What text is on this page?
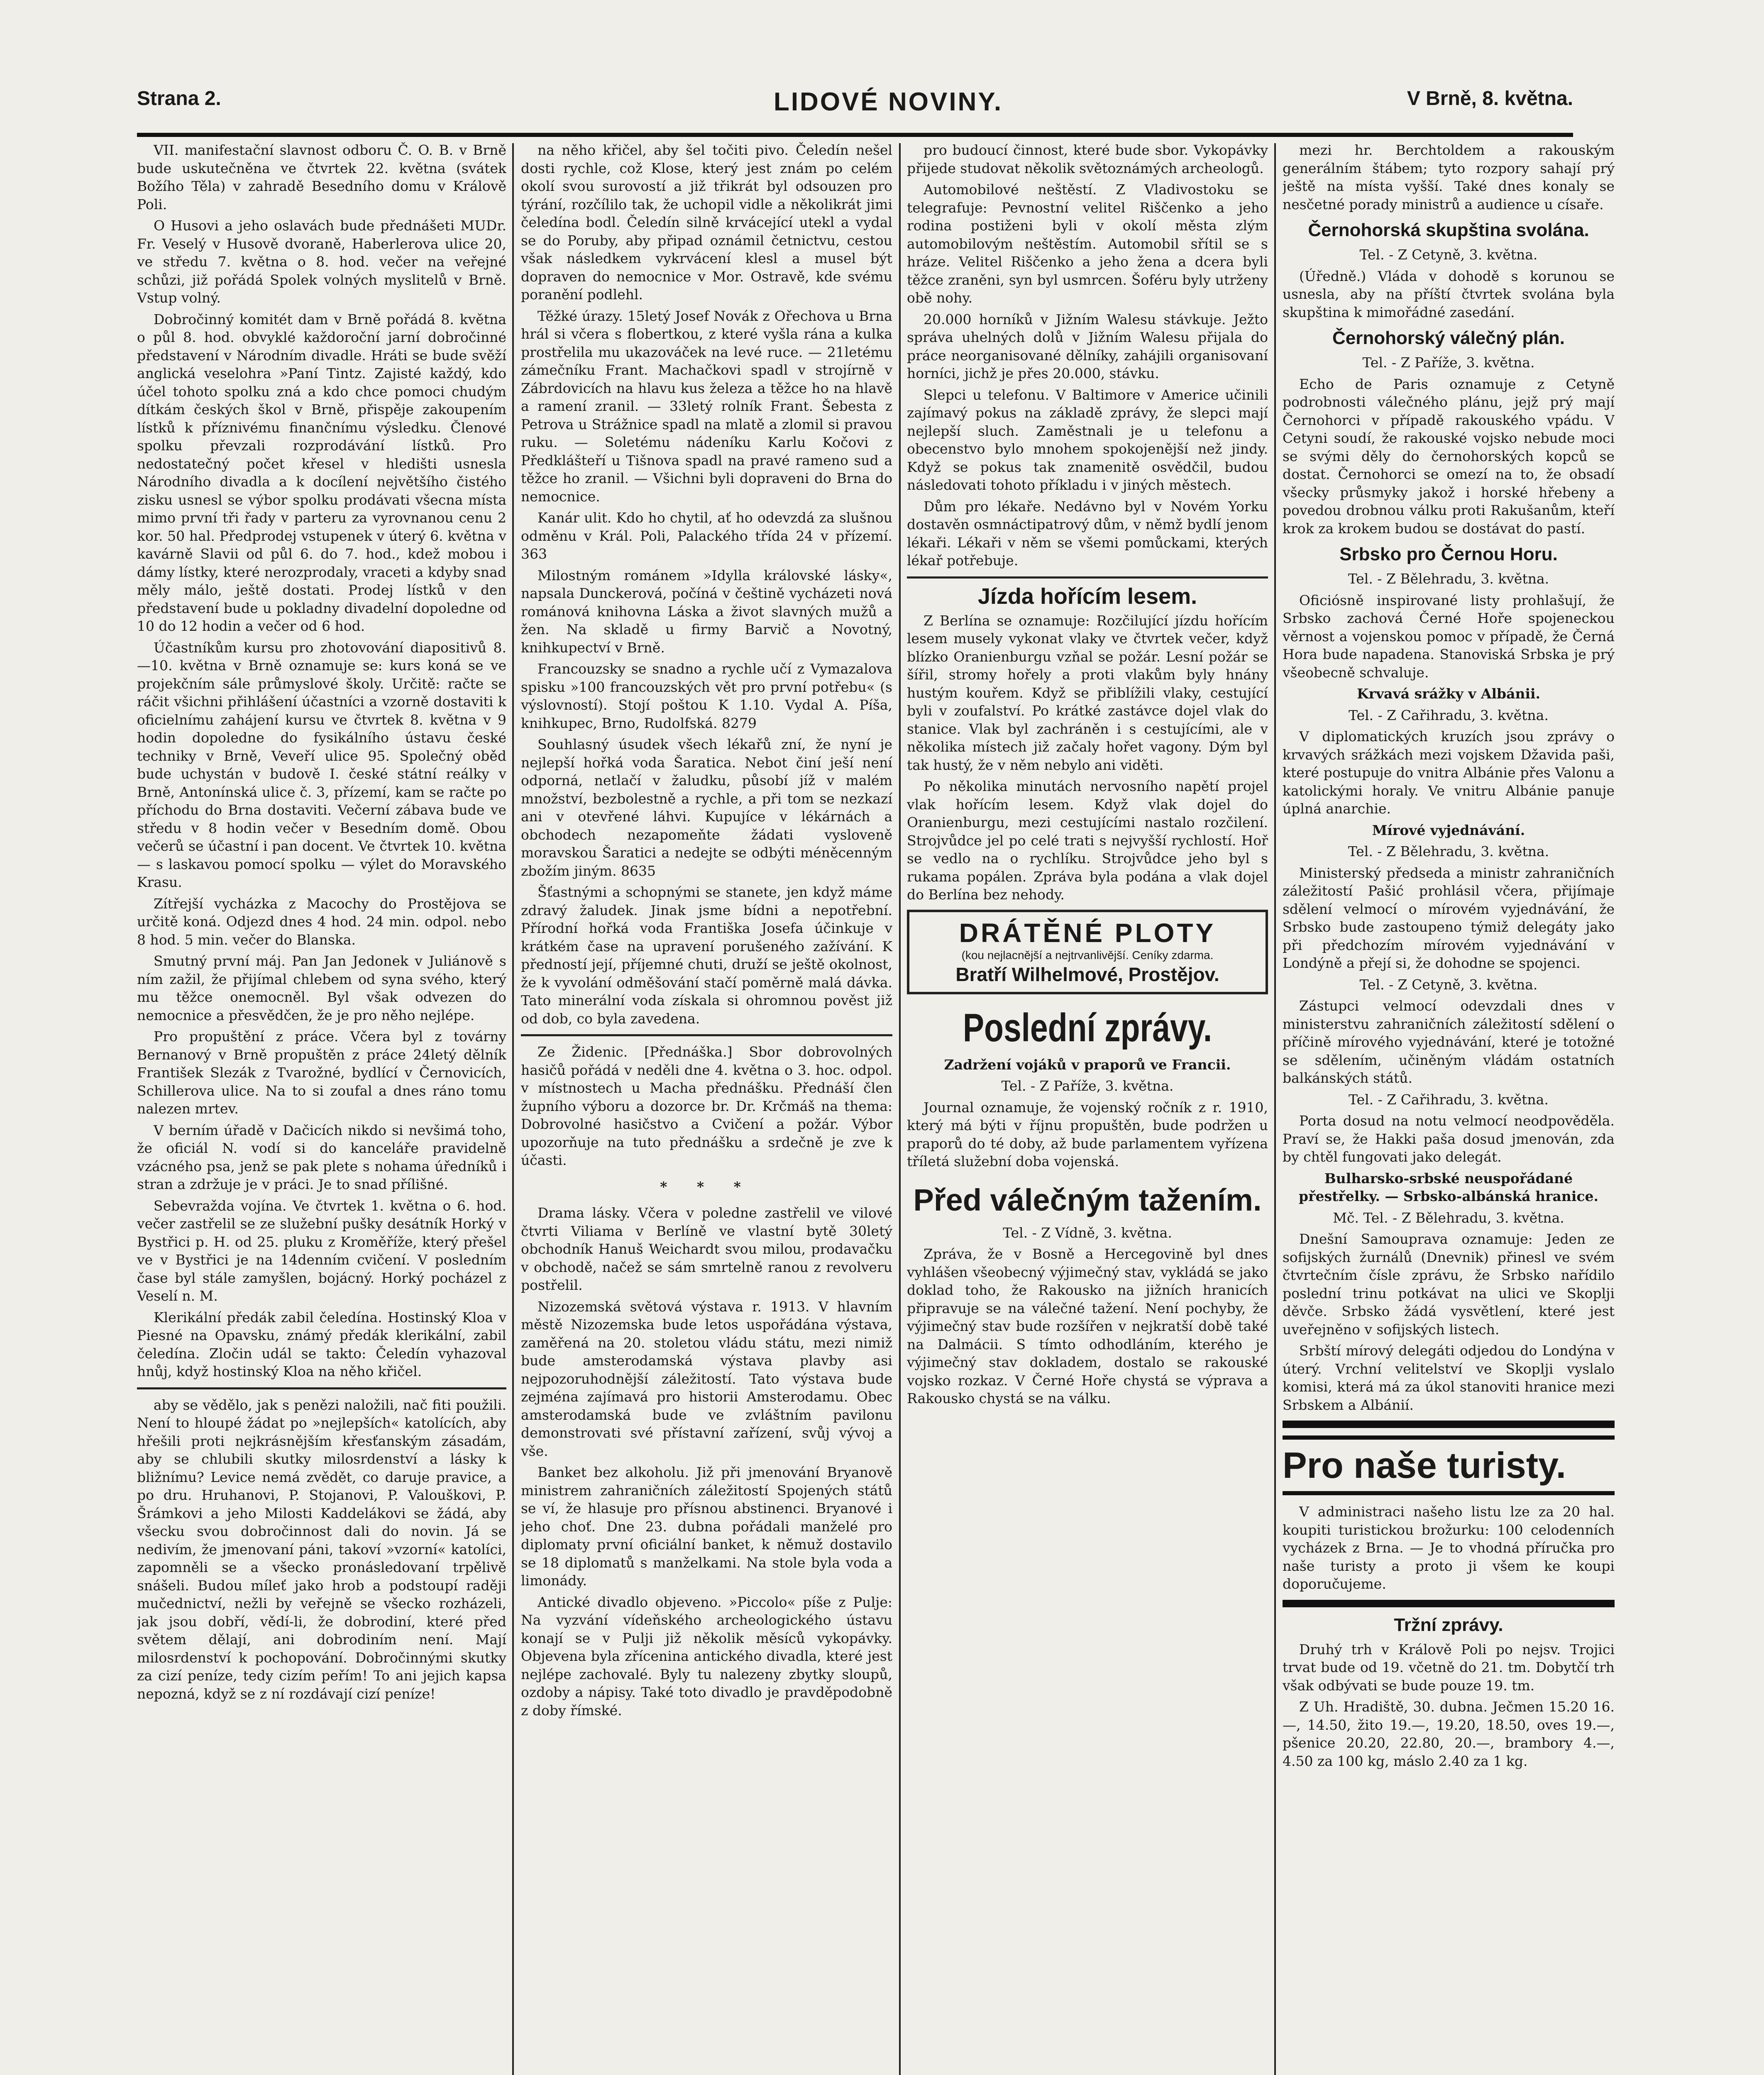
Strana 2.	LIDOVÉ NOVINY.	V Brně, 8. května.

VII. manifestační slavnost odboru Č. O. B. v Brně bude uskutečněna ve čtvrtek 22. května (svátek Božího Těla) v zahradě Besedního domu v Králově Poli.

O Husovi a jeho oslavách bude přednášeti MUDr. Fr. Veselý v Husově dvoraně, Haberlerova ulice 20, ve středu 7. května o 8. hod. večer na veřejné schůzi, již pořádá Spolek volných myslitelů v Brně. Vstup volný.

Dobročinný komitét dam v Brně pořádá 8. května o půl 8. hod. obvyklé každoroční jarní dobročinné představení v Národním divadle. Hráti se bude svěží anglická veselohra »Paní Tintz. Zajisté každý, kdo účel tohoto spolku zná a kdo chce pomoci chudým dítkám českých škol v Brně, přispěje zakoupením lístků k příznivému finančnímu výsledku. Členové spolku převzali rozprodávání lístků. Pro nedostatečný počet křesel v hledišti usnesla Národního divadla a k docílení největšího čistého zisku usnesl se výbor spolku prodávati všecna místa mimo první tři řady v parteru za vyrovnanou cenu 2 kor. 50 hal. Předprodej vstupenek v úterý 6. května v kavárně Slavii od půl 6. do 7. hod., kdež mobou i dámy lístky, které nerozprodaly, vraceti a kdyby snad měly málo, ještě dostati. Prodej lístků v den představení bude u pokladny divadelní dopoledne od 10 do 12 hodin a večer od 6 hod.

Účastníkům kursu pro zhotovování diapositivů 8.—10. května v Brně oznamuje se: kurs koná se ve projekčním sále průmyslové školy. Určitě: račte se ráčit všichni přihlášení účastníci a vzorně dostaviti k oficielnímu zahájení kursu ve čtvrtek 8. května v 9 hodin dopoledne do fysikálního ústavu české techniky v Brně, Veveří ulice 95. Společný oběd bude uchystán v budově I. české státní reálky v Brně, Antonínská ulice č. 3, přízemí, kam se račte po příchodu do Brna dostaviti. Večerní zábava bude ve středu v 8 hodin večer v Besedním domě. Obou večerů se účastní i pan docent. Ve čtvrtek 10. května — s laskavou pomocí spolku — výlet do Moravského Krasu.

Zítřejší vycházka z Macochy do Prostějova se určitě koná. Odjezd dnes 4 hod. 24 min. odpol. nebo 8 hod. 5 min. večer do Blanska.

Smutný první máj. Pan Jan Jedonek v Juliánově s ním zažil, že přijímal chlebem od syna svého, který mu těžce onemocněl. Byl však odvezen do nemocnice a přesvědčen, že je pro něho nejlépe.

Pro propuštění z práce. Včera byl z továrny Bernanový v Brně propuštěn z práce 24letý dělník František Slezák z Tvarožné, bydlící v Černovicích, Schillerova ulice. Na to si zoufal a dnes ráno tomu nalezen mrtev.

V berním úřadě v Dačicích nikdo si nevšimá toho, že oficiál N. vodí si do kanceláře pravidelně vzácného psa, jenž se pak plete s nohama úředníků i stran a zdržuje je v práci. Je to snad přílišné.

Sebevražda vojína. Ve čtvrtek 1. května o 6. hod. večer zastřelil se ze služební pušky desátník Horký v Bystřici p. H. od 25. pluku z Kroměříže, který přešel ve v Bystřici je na 14denním cvičení. V posledním čase byl stále zamyšlen, bojácný. Horký pocházel z Veselí n. M.

Klerikální předák zabil čeledína. Hostinský Kloa v Piesné na Opavsku, známý předák klerikální, zabil čeledína. Zločin udál se takto: Čeledín vyhazoval hnůj, když hostinský Kloa na něho křičel.

aby se vědělo, jak s penězi naložili, nač fiti použili. Není to hloupé žádat po »nejlepších« katolících, aby hřešili proti nejkrásnějším křesťanským zásadám, aby se chlubili skutky milosrdenství a lásky k bližnímu? Levice nemá zvědět, co daruje pravice, a po dru. Hruhanovi, P. Stojanovi, P. Valouškovi, P. Šrámkovi a jeho Milosti Kaddelákovi se žádá, aby všecku svou dobročinnost dali do novin. Já se nedivím, že jmenovaní páni, takoví »vzorní« katolíci, zapomněli se a všecko pronásledovaní trpělivě snášeli. Budou míleť jako hrob a podstoupí raději mučednictví, nežli by veřejně se všecko rozházeli, jak jsou dobří, vědí-li, že dobrodiní, které před světem dělají, ani dobrodiním není. Mají milosrdenství k pochopování. Dobročinnými skutky za cizí peníze, tedy cizím peřím! To ani jejich kapsa nepozná, když se z ní rozdávají cizí peníze!

na něho křičel, aby šel točiti pivo. Čeledín nešel dosti rychle, což Klose, který jest znám po celém okolí svou surovostí a již třikrát byl odsouzen pro týrání, rozčílilo tak, že uchopil vidle a několikrát jimi čeledína bodl. Čeledín silně krvácející utekl a vydal se do Poruby, aby připad oznámil četnictvu, cestou však následkem vykrvácení klesl a musel být dopraven do nemocnice v Mor. Ostravě, kde svému poranění podlehl.

Těžké úrazy. 15letý Josef Novák z Ořechova u Brna hrál si včera s flobertkou, z které vyšla rána a kulka prostřelila mu ukazováček na levé ruce. — 21letému zámečníku Frant. Machačkovi spadl v strojírně v Zábrdovicích na hlavu kus železa a těžce ho na hlavě a ramení zranil. — 33letý rolník Frant. Šebesta z Petrova u Strážnice spadl na mlatě a zlomil si pravou ruku. — Soletému nádeníku Karlu Kočovi z Předklášteří u Tišnova spadl na pravé rameno sud a těžce ho zranil. — Všichni byli dopraveni do Brna do nemocnice.

Kanár ulit. Kdo ho chytil, ať ho odevzdá za slušnou odměnu v Král. Poli, Palackého třída 24 v přízemí. 363

Milostným románem »Idylla královské lásky«, napsala Dunckerová, počíná v češtině vycházeti nová románová knihovna Láska a život slavných mužů a žen. Na skladě u firmy Barvič a Novotný, knihkupectví v Brně.

Francouzsky se snadno a rychle učí z Vymazalova spisku »100 francouzských vět pro první potřebu« (s výslovností). Stojí poštou K 1.10. Vydal A. Píša, knihkupec, Brno, Rudolfská. 8279

Souhlasný úsudek všech lékařů zní, že nyní je nejlepší hořká voda Šaratica. Nebot činí ješí není odporná, netlačí v žaludku, působí jíž v malém množství, bezbolestně a rychle, a při tom se nezkazí ani v otevřené láhvi. Kupujíce v lékárnách a obchodech nezapomeňte žádati vysloveně moravskou Šaratici a nedejte se odbýti méněcenným zbožím jiným. 8635

Šťastnými a schopnými se stanete, jen když máme zdravý žaludek. Jinak jsme bídni a nepotřební. Přírodní hořká voda Františka Josefa účinkuje v krátkém čase na upravení porušeného zažívání. K předností její, příjemné chuti, druží se ještě okolnost, že k vyvolání odměšování stačí poměrně malá dávka. Tato minerální voda získala si ohromnou pověst již od dob, co byla zavedena.

Ze Židenic. [Přednáška.] Sbor dobrovolných hasičů pořádá v neděli dne 4. května o 3. hoc. odpol. v místnostech u Macha přednášku. Přednáší člen župního výboru a dozorce br. Dr. Krčmáš na thema: Dobrovolné hasičstvo a Cvičení a požár. Výbor upozorňuje na tuto přednášku a srdečně je zve k účasti.

* * *

Drama lásky. Včera v poledne zastřelil ve vilové čtvrti Viliama v Berlíně ve vlastní bytě 30letý obchodník Hanuš Weichardt svou milou, prodavačku v obchodě, načež se sám smrtelně ranou z revolveru postřelil.

Nizozemská světová výstava r. 1913. V hlavním městě Nizozemska bude letos uspořádána výstava, zaměřená na 20. stoletou vládu státu, mezi nimiž bude amsterodamská výstava plavby asi nejpozoruhodnější záležitostí. Tato výstava bude zejména zajímavá pro historii Amsterodamu. Obec amsterodamská bude ve zvláštním pavilonu demonstrovati své přístavní zařízení, svůj vývoj a vše.

Banket bez alkoholu. Již při jmenování Bryanově ministrem zahraničních záležitostí Spojených států se ví, že hlasuje pro přísnou abstinenci. Bryanové i jeho choť. Dne 23. dubna pořádali manželé pro diplomaty první oficiální banket, k němuž dostavilo se 18 diplomatů s manželkami. Na stole byla voda a limonády.

Antické divadlo objeveno. »Piccolo« píše z Pulje: Na vyzvání vídeňského archeologického ústavu konají se v Pulji již několik měsíců vykopávky. Objevena byla zřícenina antického divadla, které jest nejlépe zachovalé. Byly tu nalezeny zbytky sloupů, ozdoby a nápisy. Také toto divadlo je pravděpodobně z doby římské.

pro budoucí činnost, které bude sbor. Vykopávky přijede studovat několik světoznámých archeologů.

Automobilové neštěstí. Z Vladivostoku se telegrafuje: Pevnostní velitel Riščenko a jeho rodina postiženi byli v okolí města zlým automobilovým neštěstím. Automobil sřítil se s hráze. Velitel Riščenko a jeho žena a dcera byli těžce zraněni, syn byl usmrcen. Šoféru byly utrženy obě nohy.

20.000 horníků v Jižním Walesu stávkuje. Ježto správa uhelných dolů v Jižním Walesu přijala do práce neorganisované dělníky, zahájili organisovaní horníci, jichž je přes 20.000, stávku.

Slepci u telefonu. V Baltimore v Americe učinili zajímavý pokus na základě zprávy, že slepci mají nejlepší sluch. Zaměstnali je u telefonu a obecenstvo bylo mnohem spokojenější než jindy. Když se pokus tak znamenitě osvědčil, budou následovati tohoto příkladu i v jiných městech.

Dům pro lékaře. Nedávno byl v Novém Yorku dostavěn osmnáctipatrový dům, v němž bydlí jenom lékaři. Lékaři v něm se všemi pomůckami, kterých lékař potřebuje.

Jízda hořícím lesem.

Z Berlína se oznamuje: Rozčilující jízdu hořícím lesem musely vykonat vlaky ve čtvrtek večer, když blízko Oranienburgu vzňal se požár. Lesní požár se šířil, stromy hořely a proti vlakům byly hnány hustým kouřem. Když se přiblížili vlaky, cestující byli v zoufalství. Po krátké zastávce dojel vlak do stanice. Vlak byl zachráněn i s cestujícími, ale v několika místech již začaly hořet vagony. Dým byl tak hustý, že v něm nebylo ani viděti.

Po několika minutách nervosního napětí projel vlak hořícím lesem. Když vlak dojel do Oranienburgu, mezi cestujícími nastalo rozčilení. Strojvůdce jel po celé trati s nejvyšší rychlostí. Hoř se vedlo na o rychlíku. Strojvůdce jeho byl s rukama popálen. Zpráva byla podána a vlak dojel do Berlína bez nehody.

DRÁTĚNÉ PLOTY
(kou nejlacnější a nejtrvanlivější. Ceníky zdarma.
Bratří Wilhelmové, Prostějov.
Poslední zprávy.

Zadržení vojáků v praporů ve Francii.

Tel. - Z Paříže, 3. května.

Journal oznamuje, že vojenský ročník z r. 1910, který má býti v říjnu propuštěn, bude podržen u praporů do té doby, až bude parlamentem vyřízena tříletá služební doba vojenská.

Před válečným tažením.

Tel. - Z Vídně, 3. května.

Zpráva, že v Bosně a Hercegovině byl dnes vyhlášen všeobecný výjimečný stav, vykládá se jako doklad toho, že Rakousko na jižních hranicích připravuje se na válečné tažení. Není pochyby, že výjimečný stav bude rozšířen v nejkratší době také na Dalmácii. S tímto odhodláním, kterého je výjimečný stav dokladem, dostalo se rakouské vojsko rozkaz. V Černé Hoře chystá se výprava a Rakousko chystá se na válku.

mezi hr. Berchtoldem a rakouským generálním štábem; tyto rozpory sahají prý ještě na místa vyšší. Také dnes konaly se nesčetné porady ministrů a audience u císaře.

Černohorská skupština svolána.

Tel. - Z Cetyně, 3. května.

(Úředně.) Vláda v dohodě s korunou se usnesla, aby na příští čtvrtek svolána byla skupština k mimořádné zasedání.

Černohorský válečný plán.

Tel. - Z Paříže, 3. května.

Echo de Paris oznamuje z Cetyně podrobnosti válečného plánu, jejž prý mají Černohorci v případě rakouského vpádu. V Cetyni soudí, že rakouské vojsko nebude moci se svými děly do černohorských kopců se dostat. Černohorci se omezí na to, že obsadí všecky průsmyky jakož i horské hřebeny a povedou drobnou válku proti Rakušanům, kteří krok za krokem budou se dostávat do pastí.

Srbsko pro Černou Horu.

Tel. - Z Bělehradu, 3. května.

Oficiósně inspirované listy prohlašují, že Srbsko zachová Černé Hoře spojeneckou věrnost a vojenskou pomoc v případě, že Černá Hora bude napadena. Stanoviská Srbska je prý všeobecně schvaluje.

Krvavá srážky v Albánii.

Tel. - Z Cařihradu, 3. května.

V diplomatických kruzích jsou zprávy o krvavých srážkách mezi vojskem Džavida paši, které postupuje do vnitra Albánie přes Valonu a katolickými horaly. Ve vnitru Albánie panuje úplná anarchie.

Mírové vyjednávání.

Tel. - Z Bělehradu, 3. května.

Ministerský předseda a ministr zahraničních záležitostí Pašić prohlásil včera, přijímaje sdělení velmocí o mírovém vyjednávání, že Srbsko bude zastoupeno týmiž delegáty jako při předchozím mírovém vyjednávání v Londýně a přejí si, že dohodne se spojenci.

Tel. - Z Cetyně, 3. května.

Zástupci velmocí odevzdali dnes v ministerstvu zahraničních záležitostí sdělení o příčině mírového vyjednávání, které je totožné se sdělením, učiněným vládám ostatních balkánských států.

Tel. - Z Cařihradu, 3. května.

Porta dosud na notu velmocí neodpověděla. Praví se, že Hakki paša dosud jmenován, zda by chtěl fungovati jako delegát.

Bulharsko-srbské neuspořádané přestřelky. — Srbsko-albánská hranice.

Mč. Tel. - Z Bělehradu, 3. května.

Dnešní Samouprava oznamuje: Jeden ze sofijských žurnálů (Dnevnik) přinesl ve svém čtvrtečním čísle zprávu, že Srbsko nařídilo poslední trinu potkávat na ulici ve Skoplji děvče. Srbsko žádá vysvětlení, které jest uveřejněno v sofijských listech.

Srbští mírový delegáti odjedou do Londýna v úterý. Vrchní velitelství ve Skoplji vyslalo komisi, která má za úkol stanoviti hranice mezi Srbskem a Albánií.

Pro naše turisty.

V administraci našeho listu lze za 20 hal. koupiti turistickou brožurku: 100 celodenních vycházek z Brna. — Je to vhodná příručka pro naše turisty a proto ji všem ke koupi doporučujeme.

Tržní zprávy.

Druhý trh v Králově Poli po nejsv. Trojici trvat bude od 19. včetně do 21. tm. Dobytčí trh však odbývati se bude pouze 19. tm.

Z Uh. Hradiště, 30. dubna. Ječmen 15.20 16.—, 14.50, žito 19.—, 19.20, 18.50, oves 19.—, pšenice 20.20, 22.80, 20.—, brambory 4.—, 4.50 za 100 kg, máslo 2.40 za 1 kg.
